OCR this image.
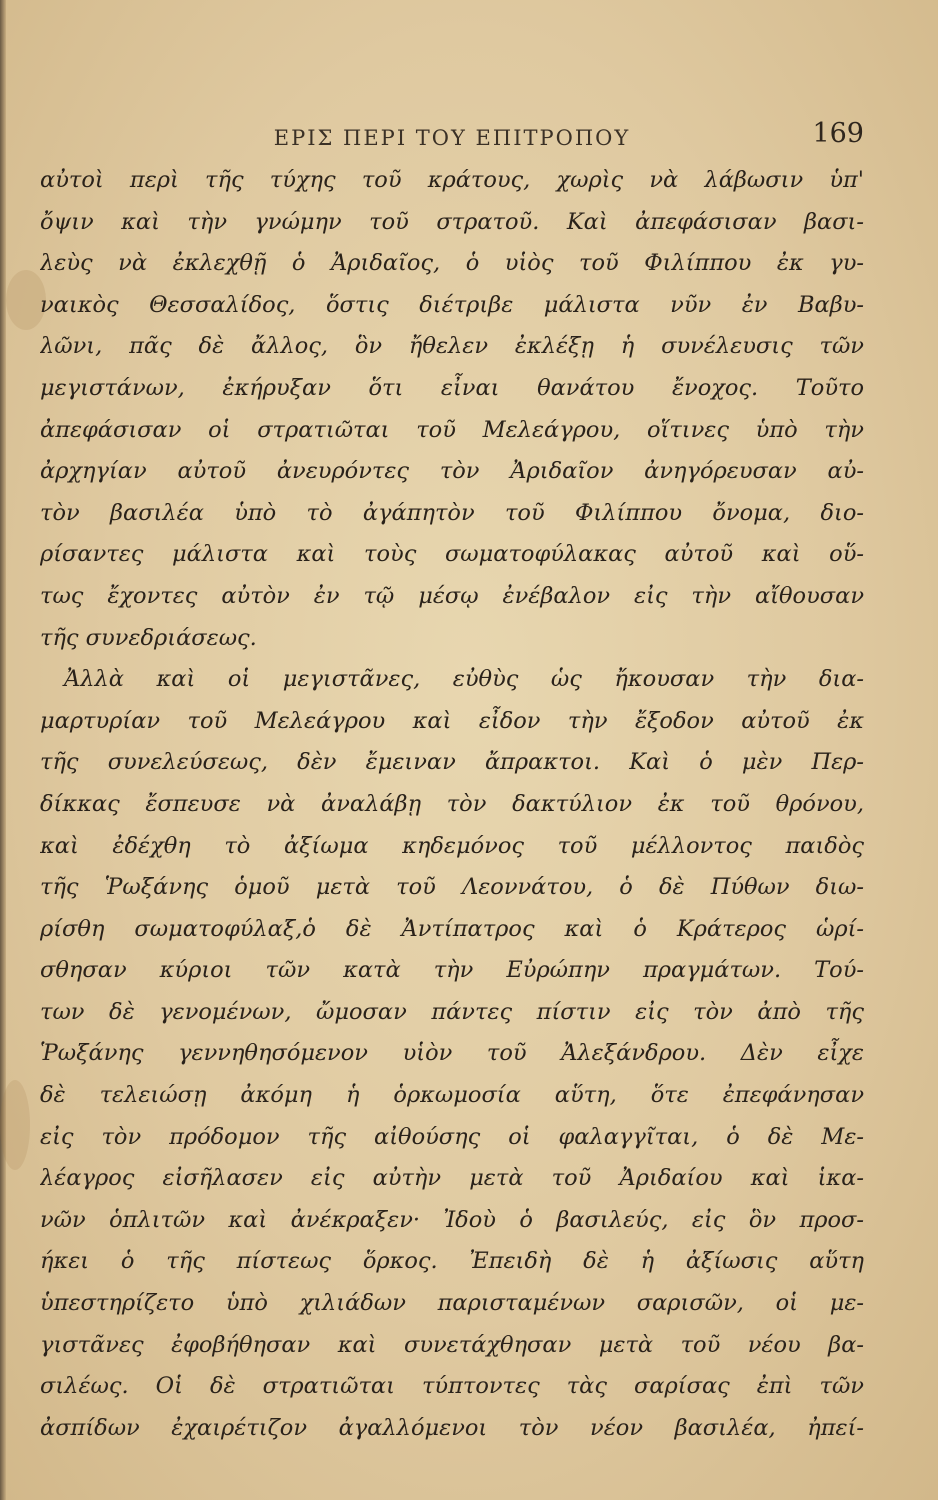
ΕΡΙΣ ΠΕΡΙ ΤΟΥ ΕΠΙΤΡΟΠΟΥ	169
αὐτοὶ περὶ τῆς τύχης τοῦ κράτους, χωρὶς νὰ λάβωσιν ὑπ'
ὄψιν καὶ τὴν γνώμην τοῦ στρατοῦ. Καὶ ἀπεφάσισαν βασι-
λεὺς νὰ ἐκλεχθῇ ὁ Ἀριδαῖος, ὁ υἱὸς τοῦ Φιλίππου ἐκ γυ-
ναικὸς Θεσσαλίδος, ὅστις διέτριβε μάλιστα νῦν ἐν Βαβυ-
λῶνι, πᾶς δὲ ἄλλος, ὃν ἤθελεν ἐκλέξῃ ἡ συνέλευσις τῶν
μεγιστάνων, ἐκήρυξαν ὅτι εἶναι θανάτου ἔνοχος. Τοῦτο
ἀπεφάσισαν οἱ στρατιῶται τοῦ Μελεάγρου, οἵτινες ὑπὸ τὴν
ἀρχηγίαν αὐτοῦ ἀνευρόντες τὸν Ἀριδαῖον ἀνηγόρευσαν αὐ-
τὸν βασιλέα ὑπὸ τὸ ἀγάπητὸν τοῦ Φιλίππου ὄνομα, διο-
ρίσαντες μάλιστα καὶ τοὺς σωματοφύλακας αὐτοῦ καὶ οὕ-
τως ἔχοντες αὐτὸν ἐν τῷ μέσῳ ἐνέβαλον εἰς τὴν αἴθουσαν
τῆς συνεδριάσεως.
Ἀλλὰ καὶ οἱ μεγιστᾶνες, εὐθὺς ὡς ἤκουσαν τὴν δια-
μαρτυρίαν τοῦ Μελεάγρου καὶ εἶδον τὴν ἔξοδον αὐτοῦ ἐκ
τῆς συνελεύσεως, δὲν ἔμειναν ἄπρακτοι. Καὶ ὁ μὲν Περ-
δίκκας ἔσπευσε νὰ ἀναλάβῃ τὸν δακτύλιον ἐκ τοῦ θρόνου,
καὶ ἐδέχθη τὸ ἀξίωμα κηδεμόνος τοῦ μέλλοντος παιδὸς
τῆς Ῥωξάνης ὁμοῦ μετὰ τοῦ Λεοννάτου, ὁ δὲ Πύθων διω-
ρίσθη σωματοφύλαξ,ὁ δὲ Ἀντίπατρος καὶ ὁ Κράτερος ὡρί-
σθησαν κύριοι τῶν κατὰ τὴν Εὐρώπην πραγμάτων. Τού-
των δὲ γενομένων, ὤμοσαν πάντες πίστιν εἰς τὸν ἀπὸ τῆς
Ῥωξάνης γεννηθησόμενον υἱὸν τοῦ Ἀλεξάνδρου. Δὲν εἶχε
δὲ τελειώσῃ ἀκόμη ἡ ὁρκωμοσία αὕτη, ὅτε ἐπεφάνησαν
εἰς τὸν πρόδομον τῆς αἰθούσης οἱ φαλαγγῖται, ὁ δὲ Με-
λέαγρος εἰσῆλασεν εἰς αὐτὴν μετὰ τοῦ Ἀριδαίου καὶ ἱκα-
νῶν ὁπλιτῶν καὶ ἀνέκραξεν· Ἰδοὺ ὁ βασιλεύς, εἰς ὃν προσ-
ήκει ὁ τῆς πίστεως ὅρκος. Ἐπειδὴ δὲ ἡ ἀξίωσις αὕτη
ὑπεστηρίζετο ὑπὸ χιλιάδων παρισταμένων σαρισῶν, οἱ με-
γιστᾶνες ἐφοβήθησαν καὶ συνετάχθησαν μετὰ τοῦ νέου βα-
σιλέως. Οἱ δὲ στρατιῶται τύπτοντες τὰς σαρίσας ἐπὶ τῶν
ἀσπίδων ἐχαιρέτιζον ἀγαλλόμενοι τὸν νέον βασιλέα, ἠπεί-
